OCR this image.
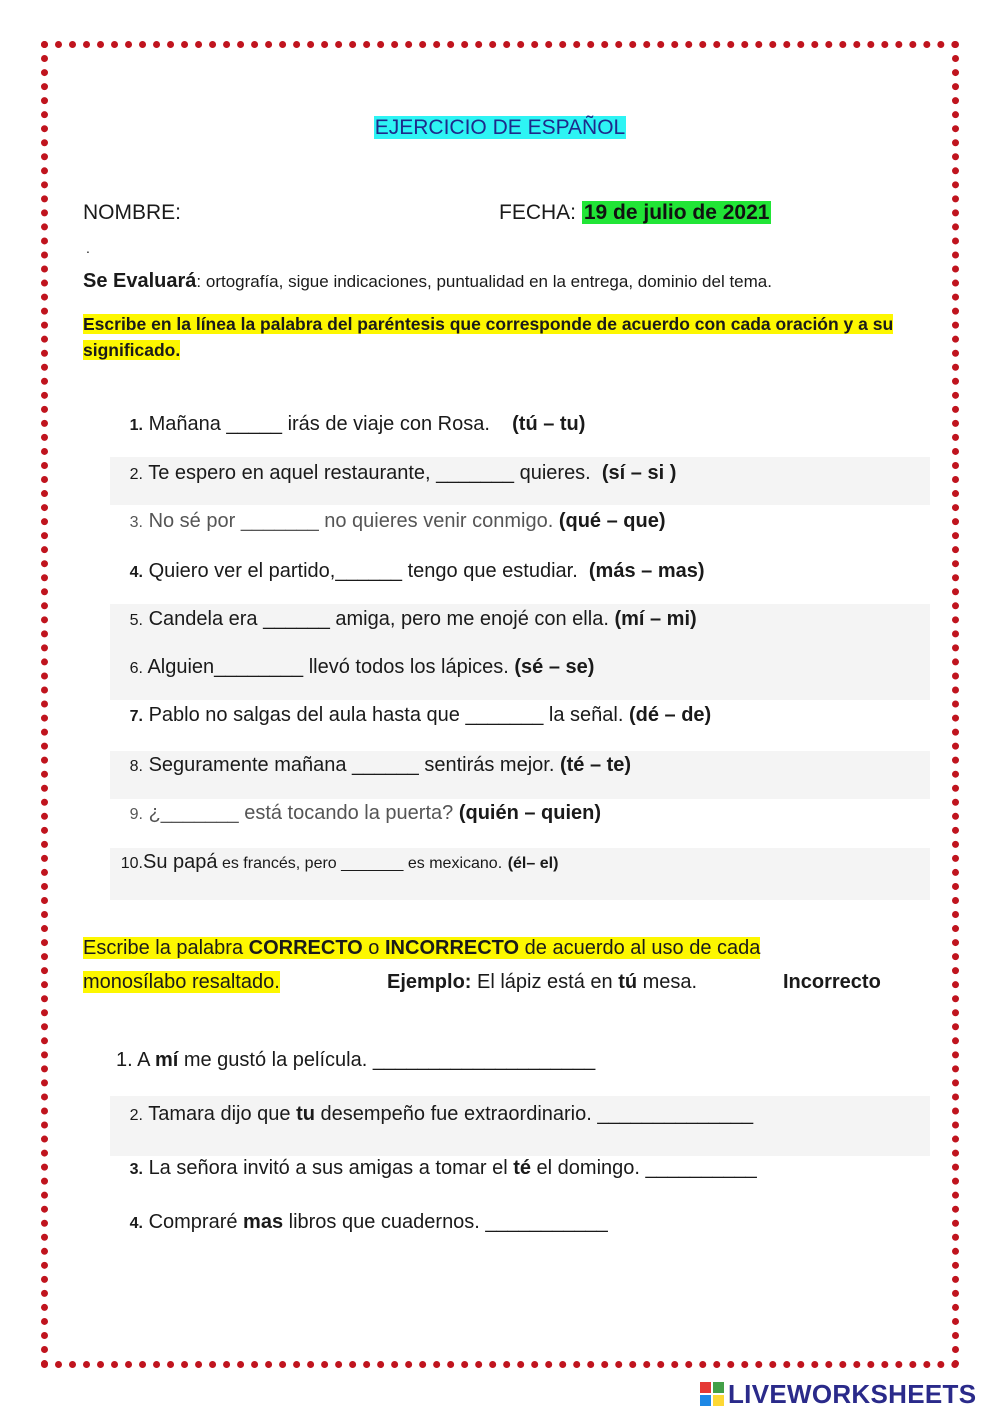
EJERCICIO DE ESPAÑOL
NOMBRE:	FECHA: 19 de julio de 2021
.
Se Evaluará: ortografía, sigue indicaciones, puntualidad en la entrega, dominio del tema.
Escribe en la línea la palabra del paréntesis que corresponde de acuerdo con cada oración y a su significado.
1. Mañana _____ irás de viaje con Rosa. (tú – tu)
2. Te espero en aquel restaurante, _______ quieres. (sí – si )
3. No sé por _______ no quieres venir conmigo. (qué – que)
4. Quiero ver el partido,______ tengo que estudiar. (más – mas)
5. Candela era ______ amiga, pero me enojé con ella. (mí – mi)
6. Alguien________ llevó todos los lápices. (sé – se)
7. Pablo no salgas del aula hasta que _______ la señal. (dé – de)
8. Seguramente mañana ______ sentirás mejor. (té – te)
9. ¿_______ está tocando la puerta? (quién – quien)
10.Su papá es francés, pero _______ es mexicano. (él– el)
Escribe la palabra CORRECTO o INCORRECTO de acuerdo al uso de cada
monosílabo resaltado.	Ejemplo: El lápiz está en tú mesa.	Incorrecto
1. A mí me gustó la película. ____________________
2. Tamara dijo que tu desempeño fue extraordinario. ______________
3. La señora invitó a sus amigas a tomar el té el domingo. __________
4. Compraré mas libros que cuadernos. ___________
LIVEWORKSHEETS
